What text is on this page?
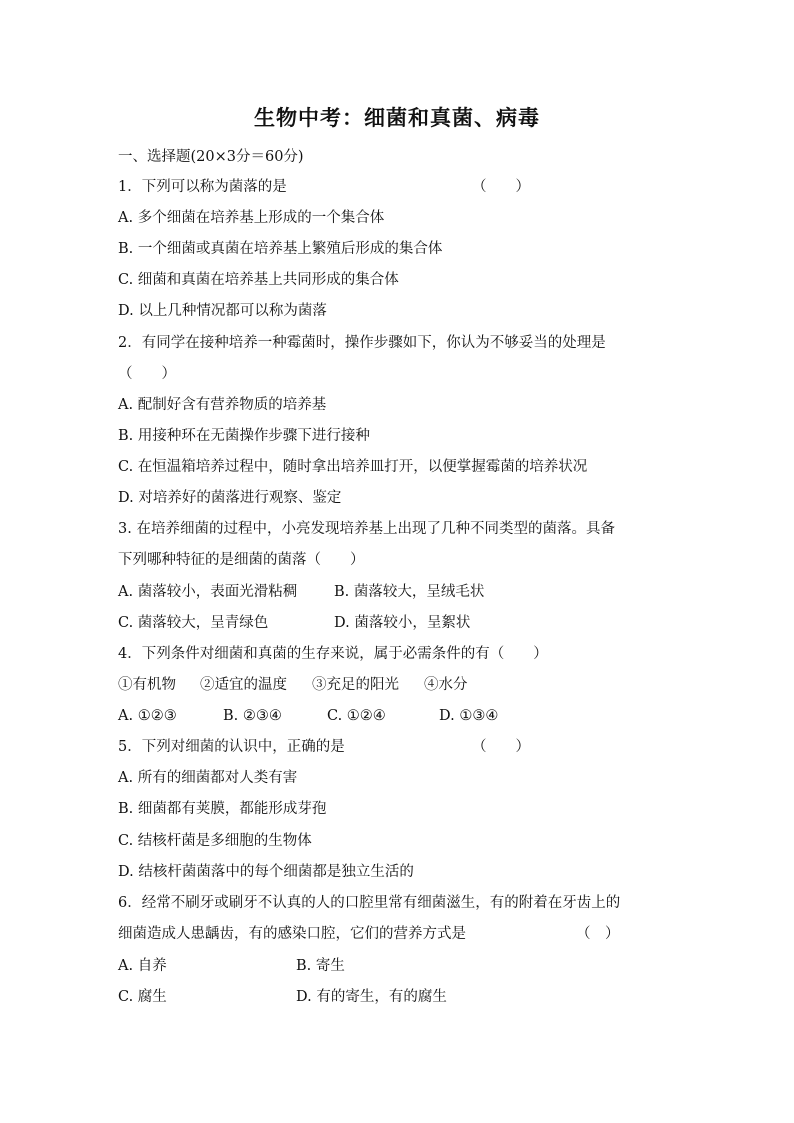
生物中考：细菌和真菌、病毒
一、选择题(20×3分＝60分)
1．下列可以称为菌落的是	（　　）
A. 多个细菌在培养基上形成的一个集合体
B. 一个细菌或真菌在培养基上繁殖后形成的集合体
C. 细菌和真菌在培养基上共同形成的集合体
D. 以上几种情况都可以称为菌落
2．有同学在接种培养一种霉菌时，操作步骤如下，你认为不够妥当的处理是
（　　）
A. 配制好含有营养物质的培养基
B. 用接种环在无菌操作步骤下进行接种
C. 在恒温箱培养过程中，随时拿出培养皿打开，以便掌握霉菌的培养状况
D. 对培养好的菌落进行观察、鉴定
3. 在培养细菌的过程中，小亮发现培养基上出现了几种不同类型的菌落。具备
下列哪种特征的是细菌的菌落（　　）
A. 菌落较小，表面光滑粘稠	B. 菌落较大，呈绒毛状
C. 菌落较大，呈青绿色	D. 菌落较小，呈絮状
4．下列条件对细菌和真菌的生存来说，属于必需条件的有（　　）
①有机物 ②适宜的温度 ③充足的阳光 ④水分
A. ①②③	B. ②③④	C. ①②④	D. ①③④
5．下列对细菌的认识中，正确的是	（　　）
A. 所有的细菌都对人类有害
B. 细菌都有荚膜，都能形成芽孢
C. 结核杆菌是多细胞的生物体
D. 结核杆菌菌落中的每个细菌都是独立生活的
6．经常不刷牙或刷牙不认真的人的口腔里常有细菌滋生，有的附着在牙齿上的
细菌造成人患龋齿，有的感染口腔，它们的营养方式是	（　）
A. 自养	B. 寄生
C. 腐生	D. 有的寄生，有的腐生
